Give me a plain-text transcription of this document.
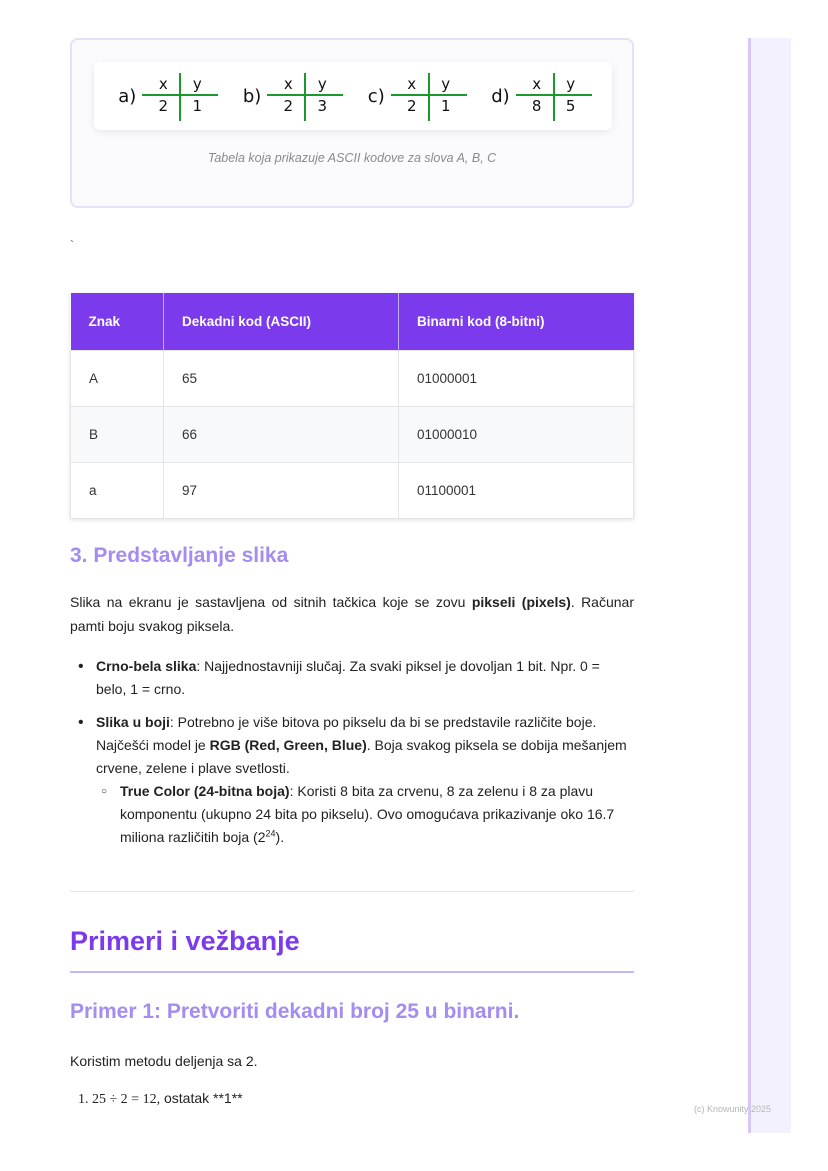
(c) Knowunity 2025
a)
x	y
2	1	b)
x	y
2	3	c)
x	y
2	1	d)
x	y
8	5
Tabela koja prikazuje ASCII kodove za slova A, B, C
`
Znak	Dekadni kod (ASCII)	Binarni kod (8-bitni)
A	65	01000001
B	66	01000010
a	97	01100001
3. Predstavljanje slika

Slika na ekranu je sastavljena od sitnih tačkica koje se zovu pikseli (pixels). Računar pamti boju svakog piksela.

• Crno-bela slika: Najjednostavniji slučaj. Za svaki piksel je dovoljan 1 bit. Npr. 0 = belo, 1 = crno.
• Slika u boji: Potrebno je više bitova po pikselu da bi se predstavile različite boje. Najčešći model je RGB (Red, Green, Blue). Boja svakog piksela se dobija mešanjem crvene, zelene i plave svetlosti.
○ True Color (24-bitna boja): Koristi 8 bita za crvenu, 8 za zelenu i 8 za plavu komponentu (ukupno 24 bita po pikselu). Ovo omogućava prikazivanje oko 16.7 miliona različitih boja $(2^{24})$.
Primeri i vežbanje
Primer 1: Pretvoriti dekadni broj 25 u binarni.

Koristim metodu deljenja sa 2.

1. 25 ÷ 2 = 12, ostatak **1**
